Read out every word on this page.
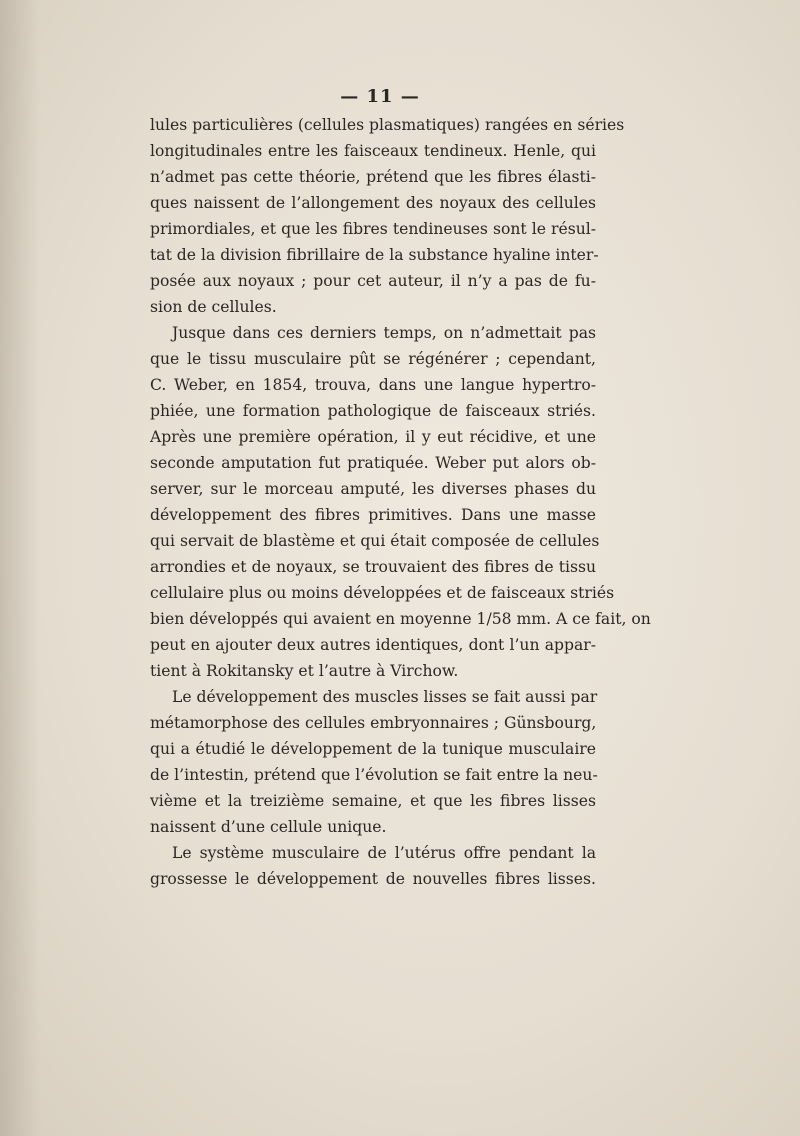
— 11 —

lules particulières (cellules plasmatiques) rangées en séries
longitudinales entre les faisceaux tendineux. Henle, qui
n’admet pas cette théorie, prétend que les fibres élasti-
ques naissent de l’allongement des noyaux des cellules
primordiales, et que les fibres tendineuses sont le résul-
tat de la division fibrillaire de la substance hyaline inter-
posée aux noyaux ; pour cet auteur, il n’y a pas de fu-
sion de cellules.

Jusque dans ces derniers temps, on n’admettait pas
que le tissu musculaire pût se régénérer ; cependant,
C. Weber, en 1854, trouva, dans une langue hypertro-
phiée, une formation pathologique de faisceaux striés.
Après une première opération, il y eut récidive, et une
seconde amputation fut pratiquée. Weber put alors ob-
server, sur le morceau amputé, les diverses phases du
développement des fibres primitives. Dans une masse
qui servait de blastème et qui était composée de cellules
arrondies et de noyaux, se trouvaient des fibres de tissu
cellulaire plus ou moins développées et de faisceaux striés
bien développés qui avaient en moyenne 1/58 mm. A ce fait, on
peut en ajouter deux autres identiques, dont l’un appar-
tient à Rokitansky et l’autre à Virchow.

Le développement des muscles lisses se fait aussi par
métamorphose des cellules embryonnaires ; Günsbourg,
qui a étudié le développement de la tunique musculaire
de l’intestin, prétend que l’évolution se fait entre la neu-
vième et la treizième semaine, et que les fibres lisses
naissent d’une cellule unique.

Le système musculaire de l’utérus offre pendant la
grossesse le développement de nouvelles fibres lisses.
